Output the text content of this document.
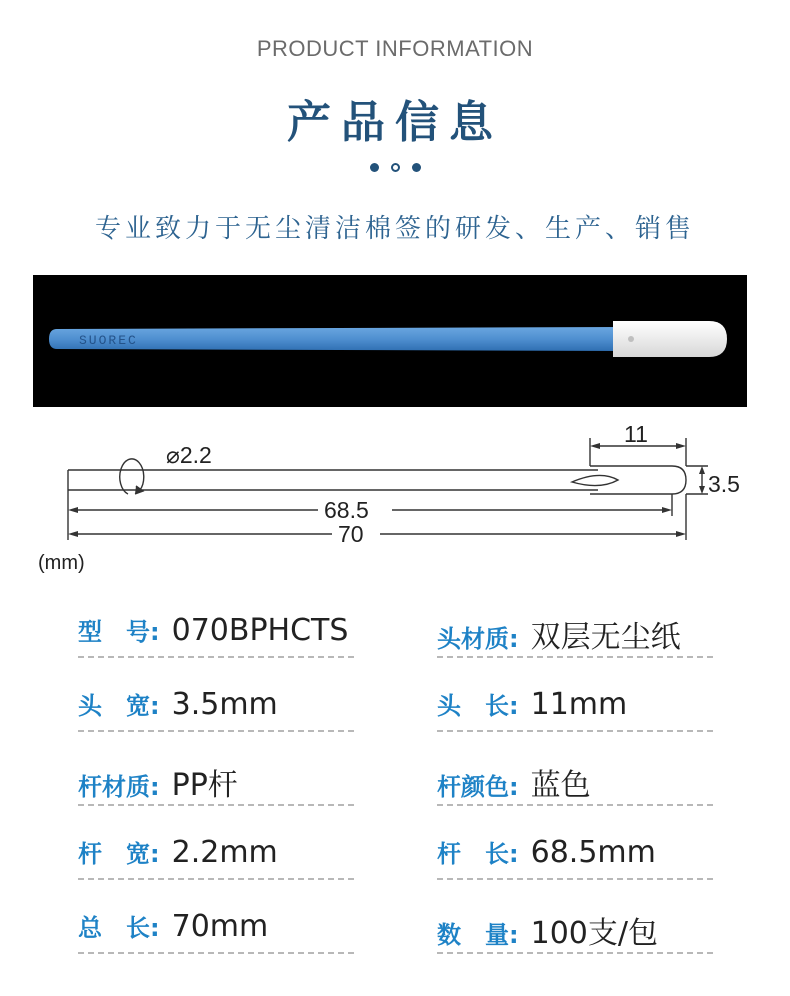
PRODUCT INFORMATION
产品信息
专业致力于无尘清洁棉签的研发、生产、销售
SUOREC
⌀2.2
11
3.5
68.5
70
(mm)
型　号 : 070BPHCTS	头材质 : 双层无尘纸
头　宽 : 3.5mm	头　长 : 11mm
杆材质 : PP杆	杆颜色 : 蓝色
杆　宽 : 2.2mm	杆　长 : 68.5mm
总　长 : 70mm	数　量 : 100支/包
